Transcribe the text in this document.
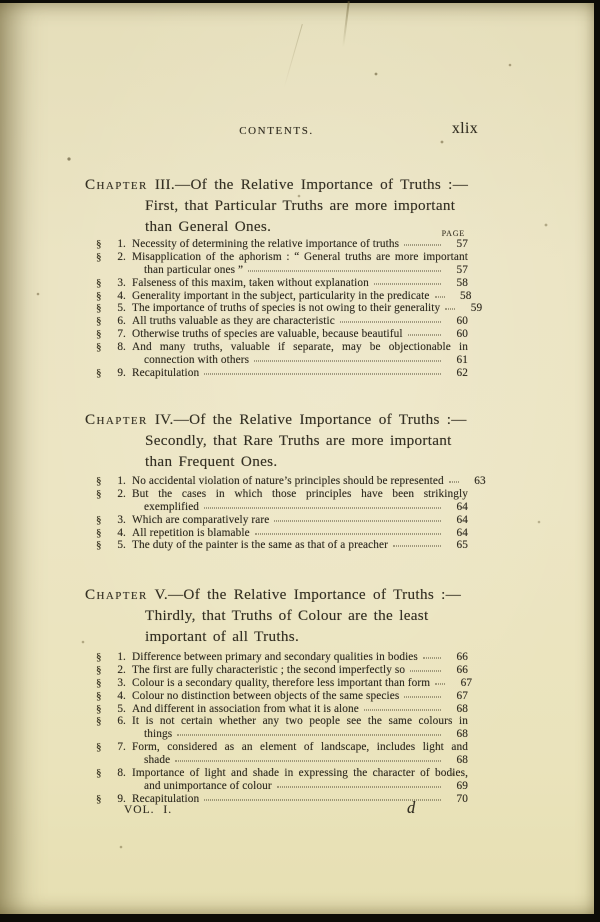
CONTENTS.	xlix
Chapter III.—Of the Relative Importance of Truths :—
First, that Particular Truths are more important
than General Ones.	PAGE
§	1. Necessity of determining the relative importance of truths	57
§	2. Misapplication of the aphorism : “ General truths are more important
than particular ones ”	57
§	3. Falseness of this maxim, taken without explanation	58
§	4. Generality important in the subject, particularity in the predicate	58
§	5. The importance of truths of species is not owing to their generality	59
§	6. All truths valuable as they are characteristic	60
§	7. Otherwise truths of species are valuable, because beautiful	60
§	8. And many truths, valuable if separate, may be objectionable in
connection with others	61
§	9. Recapitulation	62
Chapter IV.—Of the Relative Importance of Truths :—
Secondly, that Rare Truths are more important
than Frequent Ones.
§	1. No accidental violation of nature’s principles should be represented	63
§	2. But the cases in which those principles have been strikingly
exemplified	64
§	3. Which are comparatively rare	64
§	4. All repetition is blamable	64
§	5. The duty of the painter is the same as that of a preacher	65
Chapter V.—Of the Relative Importance of Truths :—
Thirdly, that Truths of Colour are the least
important of all Truths.
§	1. Difference between primary and secondary qualities in bodies	66
§	2. The first are fully characteristic ; the second imperfectly so	66
§	3. Colour is a secondary quality, therefore less important than form	67
§	4. Colour no distinction between objects of the same species	67
§	5. And different in association from what it is alone	68
§	6. It is not certain whether any two people see the same colours in
things	68
§	7. Form, considered as an element of landscape, includes light and
shade	68
§	8. Importance of light and shade in expressing the character of bodies,
and unimportance of colour	69
§	9. Recapitulation	70
VOL. I.	d
